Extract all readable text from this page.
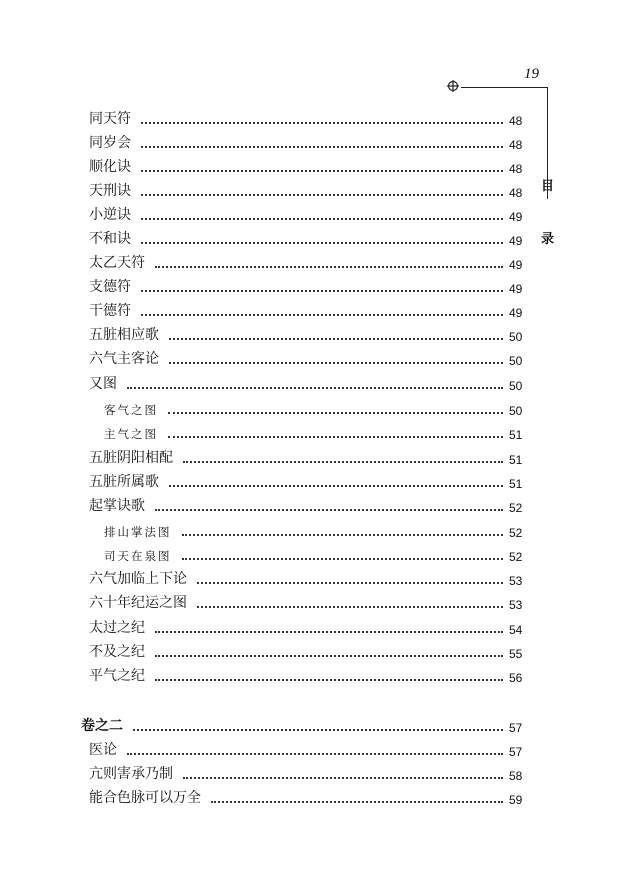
19
目
录
同天符	48
同岁会	48
顺化诀	48
天刑诀	48
小逆诀	49
不和诀	49
太乙天符	49
支德符	49
干德符	49
五脏相应歌	50
六气主客论	50
又图	50
客气之图	50
主气之图	51
五脏阴阳相配	51
五脏所属歌	51
起掌诀歌	52
排山掌法图	52
司天在泉图	52
六气加临上下论	53
六十年纪运之图	53
太过之纪	54
不及之纪	55
平气之纪	56
卷之二	57
医论	57
亢则害承乃制	58
能合色脉可以万全	59
